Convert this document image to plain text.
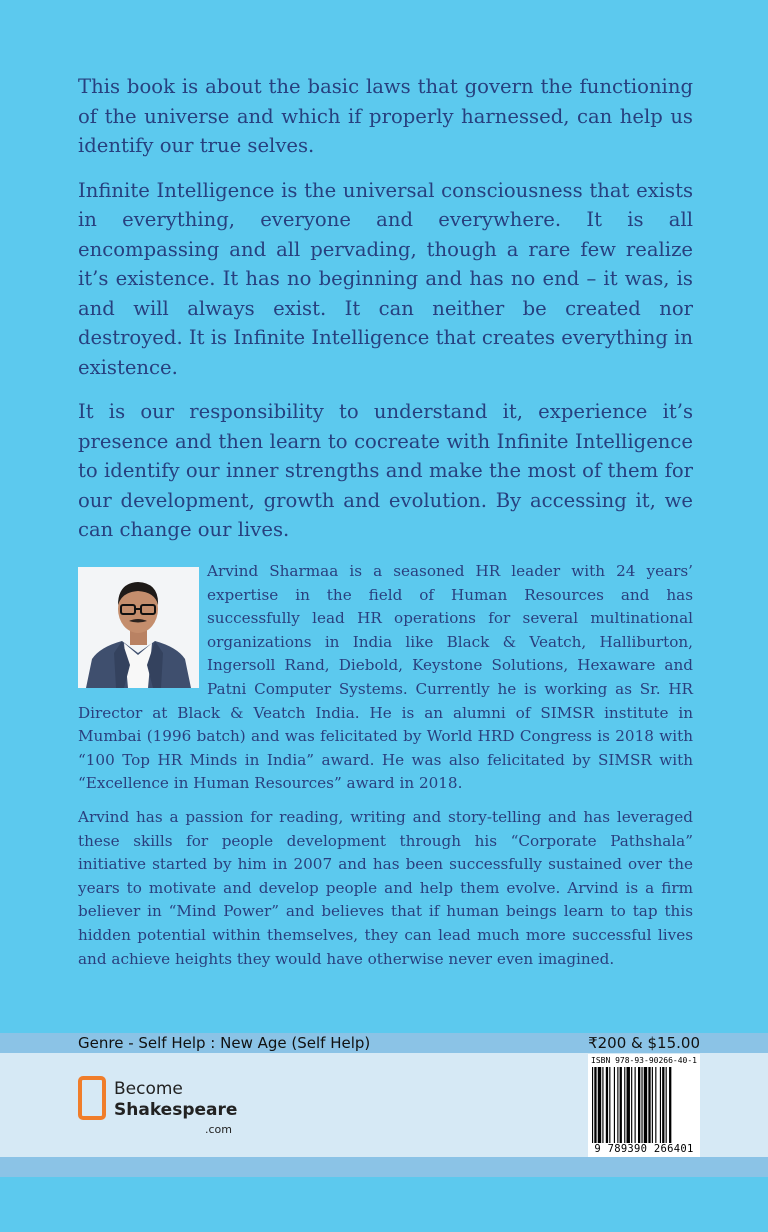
This book is about the basic laws that govern the functioning of the universe and which if properly harnessed, can help us identify our true selves.

Infinite Intelligence is the universal consciousness that exists in everything, everyone and everywhere. It is all encompassing and all pervading, though a rare few realize it’s existence. It has no beginning and has no end – it was, is and will always exist. It can neither be created nor destroyed. It is Infinite Intelligence that creates everything in existence.

It is our responsibility to understand it, experience it’s presence and then learn to cocreate with Infinite Intelligence to identify our inner strengths and make the most of them for our development, growth and evolution. By accessing it, we can change our lives.

Arvind Sharmaa is a seasoned HR leader with 24 years’ expertise in the field of Human Resources and has successfully lead HR operations for several multinational organizations in India like Black & Veatch, Halliburton, Ingersoll Rand, Diebold, Keystone Solutions, Hexaware and Patni Computer Systems. Currently he is working as Sr. HR Director at Black & Veatch India. He is an alumni of SIMSR institute in Mumbai (1996 batch) and was felicitated by World HRD Congress is 2018 with “100 Top HR Minds in India” award. He was also felicitated by SIMSR with “Excellence in Human Resources” award in 2018.

Arvind has a passion for reading, writing and story-telling and has leveraged these skills for people development through his “Corporate Pathshala” initiative started by him in 2007 and has been successfully sustained over the years to motivate and develop people and help them evolve. Arvind is a firm believer in “Mind Power” and believes that if human beings learn to tap this hidden potential within themselves, they can lead much more successful lives and achieve heights they would have otherwise never even imagined.

Genre - Self Help : New Age (Self Help)	₹200 & $15.00
Become
Shakespeare
.com
ISBN 978-93-90266-40-1
9 789390 266401
